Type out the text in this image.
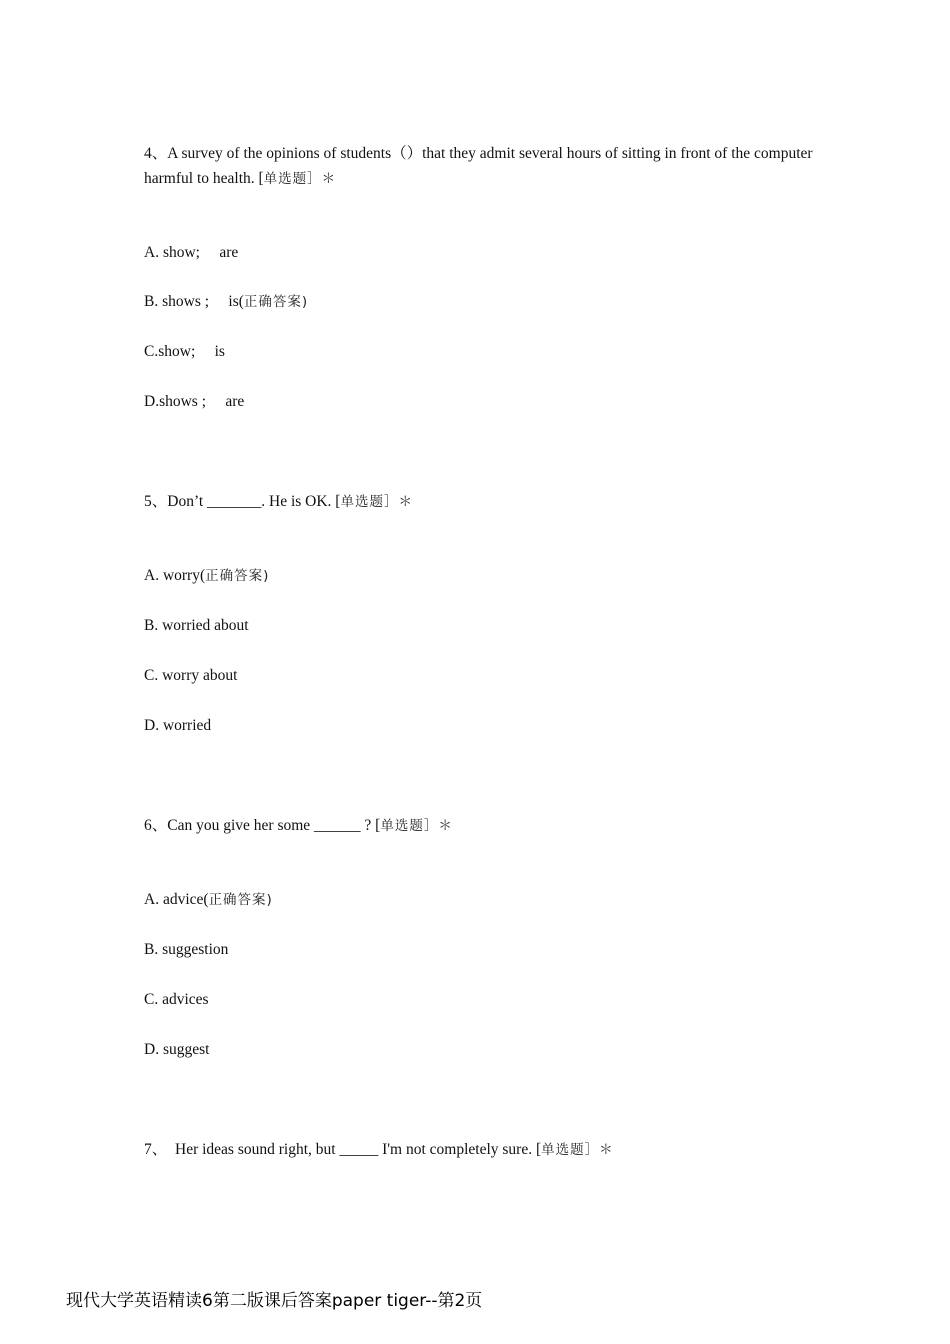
4、A survey of the opinions of students（）that they admit several hours of sitting in front of the computer harmful to health. [单选题］＊
A. show;　 are
B. shows ;　 is(正确答案)
C.show;　 is
D.shows ;　 are
5、Don’t _______. He is OK. [单选题］＊
A. worry(正确答案)
B. worried about
C. worry about
D. worried
6、Can you give her some ______ ? [单选题］＊
A. advice(正确答案)
B. suggestion
C. advices
D. suggest
7、　Her ideas sound right, but _____ I'm not completely sure. [单选题］＊
现代大学英语精读6第二版课后答案paper tiger--第2页
